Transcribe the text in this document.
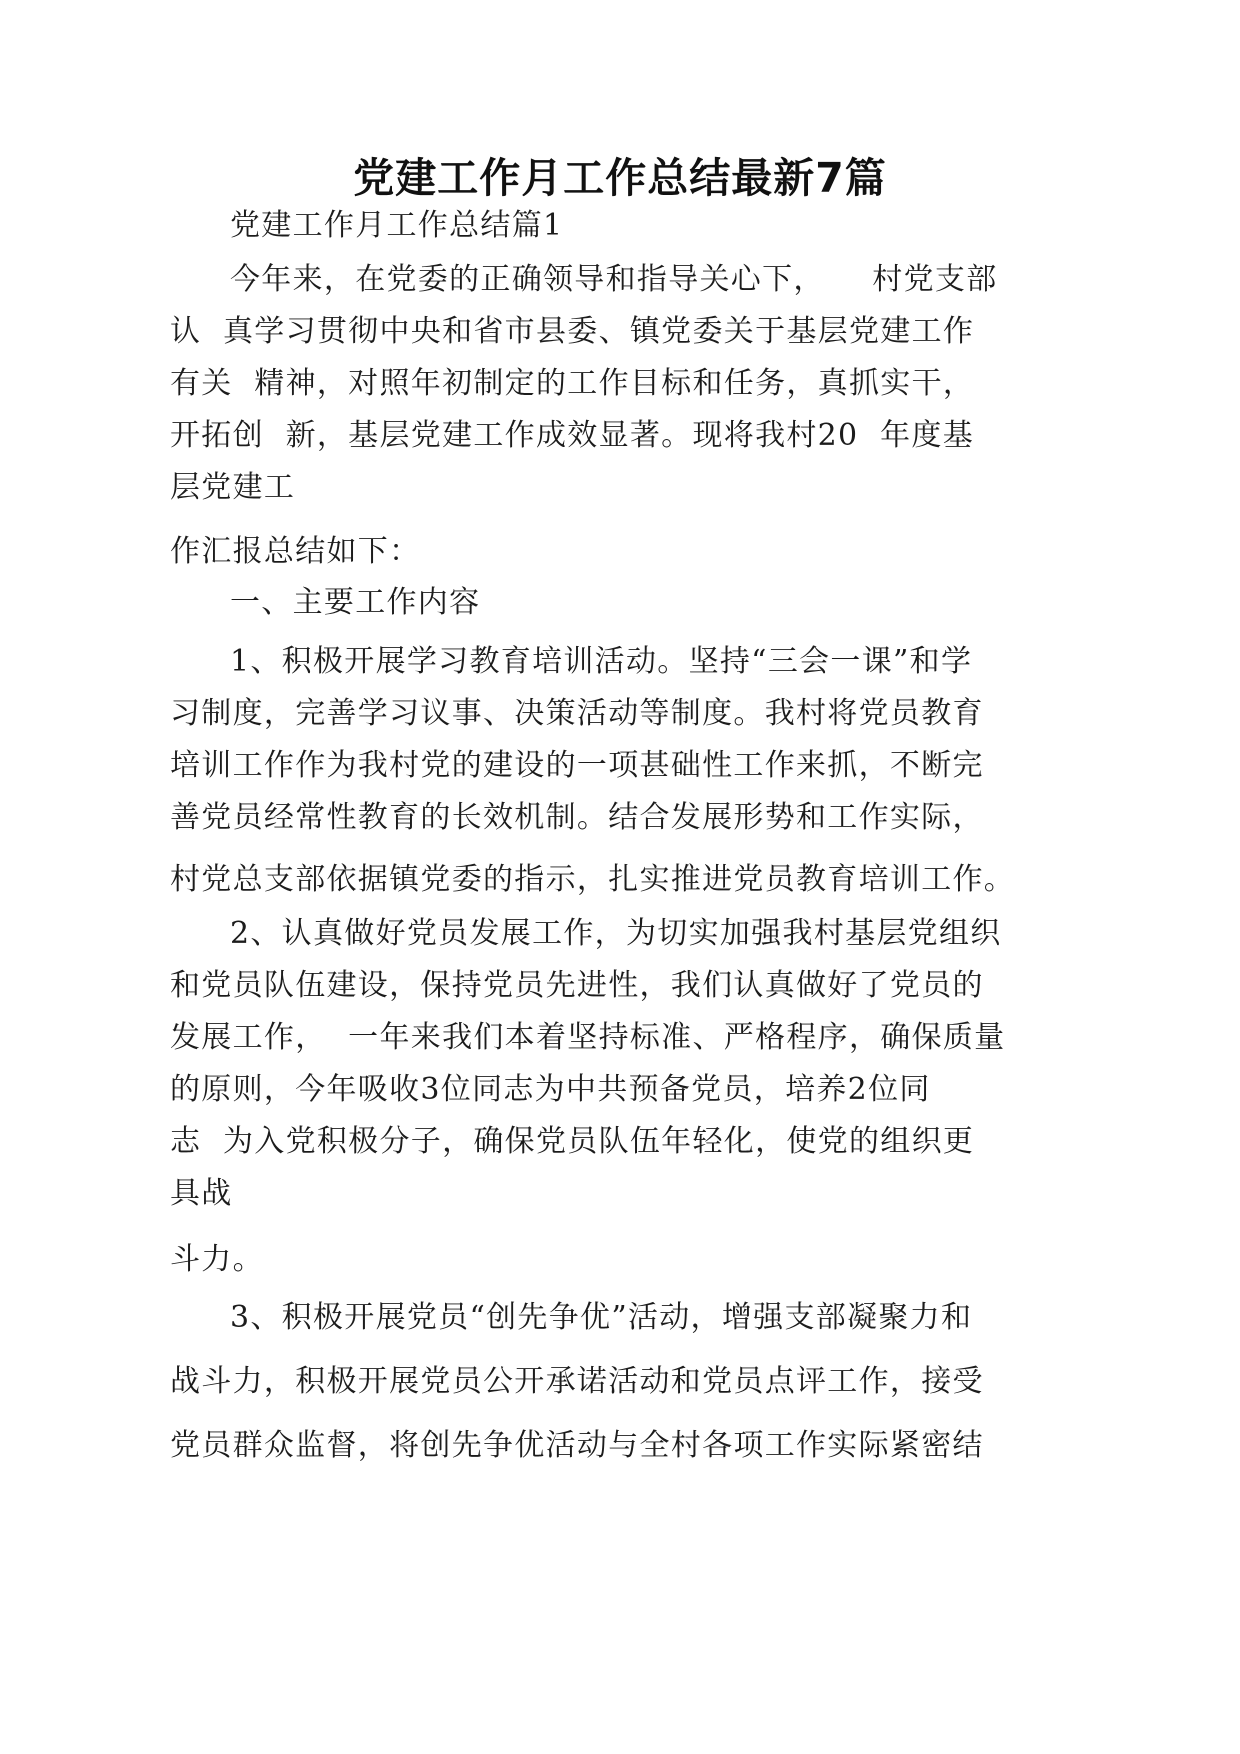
党建工作月工作总结最新7篇
党建工作月工作总结篇1
今年来，在党委的正确领导和指导关心下，　　村党支部
认  真学习贯彻中央和省市县委、镇党委关于基层党建工作
有关  精神，对照年初制定的工作目标和任务，真抓实干，
开拓创  新，基层党建工作成效显著。现将我村20  年度基
层党建工
作汇报总结如下：
一、主要工作内容
1、积极开展学习教育培训活动。坚持“三会一课”和学
习制度，完善学习议事、决策活动等制度。我村将党员教育
培训工作作为我村党的建设的一项甚础性工作来抓，不断完
善党员经常性教育的长效机制。结合发展形势和工作实际，
村党总支部依据镇党委的指示，扎实推进党员教育培训工作。
2、认真做好党员发展工作，为切实加强我村基层党组织
和党员队伍建设，保持党员先进性，我们认真做好了党员的
发展工作，  一年来我们本着坚持标准、严格程序，确保质量
的原则，今年吸收3位同志为中共预备党员，培养2位同
志  为入党积极分子，确保党员队伍年轻化，使党的组织更
具战
斗力。
3、积极开展党员“创先争优”活动，增强支部凝聚力和
战斗力，积极开展党员公开承诺活动和党员点评工作，接受
党员群众监督，将创先争优活动与全村各项工作实际紧密结
